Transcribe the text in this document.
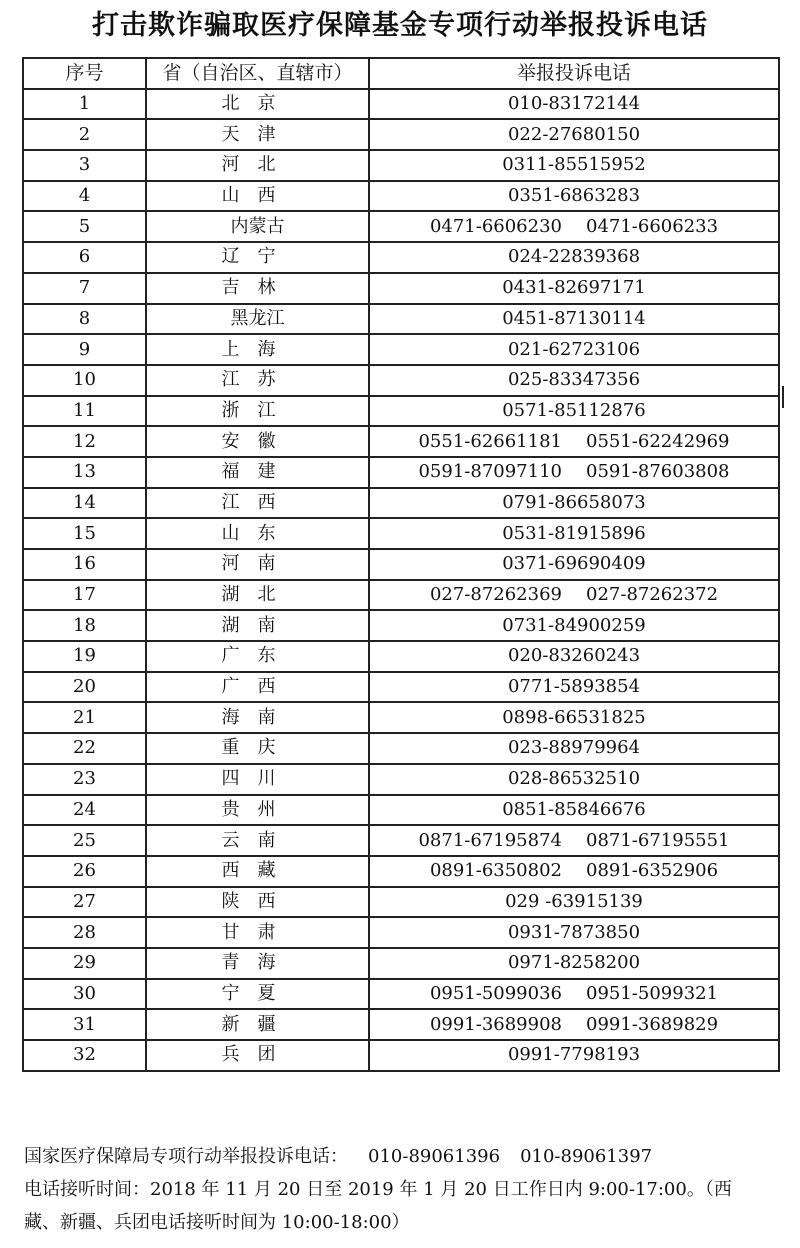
打击欺诈骗取医疗保障基金专项行动举报投诉电话
序号	省（自治区、直辖市）	举报投诉电话
1	北京	010-83172144
2	天津	022-27680150
3	河北	0311-85515952
4	山西	0351-6863283
5	内蒙古	0471-6606230 0471-6606233
6	辽宁	024-22839368
7	吉林	0431-82697171
8	黑龙江	0451-87130114
9	上海	021-62723106
10	江苏	025-83347356
11	浙江	0571-85112876
12	安徽	0551-62661181 0551-62242969
13	福建	0591-87097110 0591-87603808
14	江西	0791-86658073
15	山东	0531-81915896
16	河南	0371-69690409
17	湖北	027-87262369 027-87262372
18	湖南	0731-84900259
19	广东	020-83260243
20	广西	0771-5893854
21	海南	0898-66531825
22	重庆	023-88979964
23	四川	028-86532510
24	贵州	0851-85846676
25	云南	0871-67195874 0871-67195551
26	西藏	0891-6350802 0891-6352906
27	陕西	029 -63915139
28	甘肃	0931-7873850
29	青海	0971-8258200
30	宁夏	0951-5099036 0951-5099321
31	新疆	0991-3689908 0991-3689829
32	兵团	0991-7798193
国家医疗保障局专项行动举报投诉电话： 010-89061396 010-89061397
电话接听时间：2018 年 11 月 20 日至 2019 年 1 月 20 日工作日内 9:00-17:00。（西
藏、新疆、兵团电话接听时间为 10:00-18:00）
